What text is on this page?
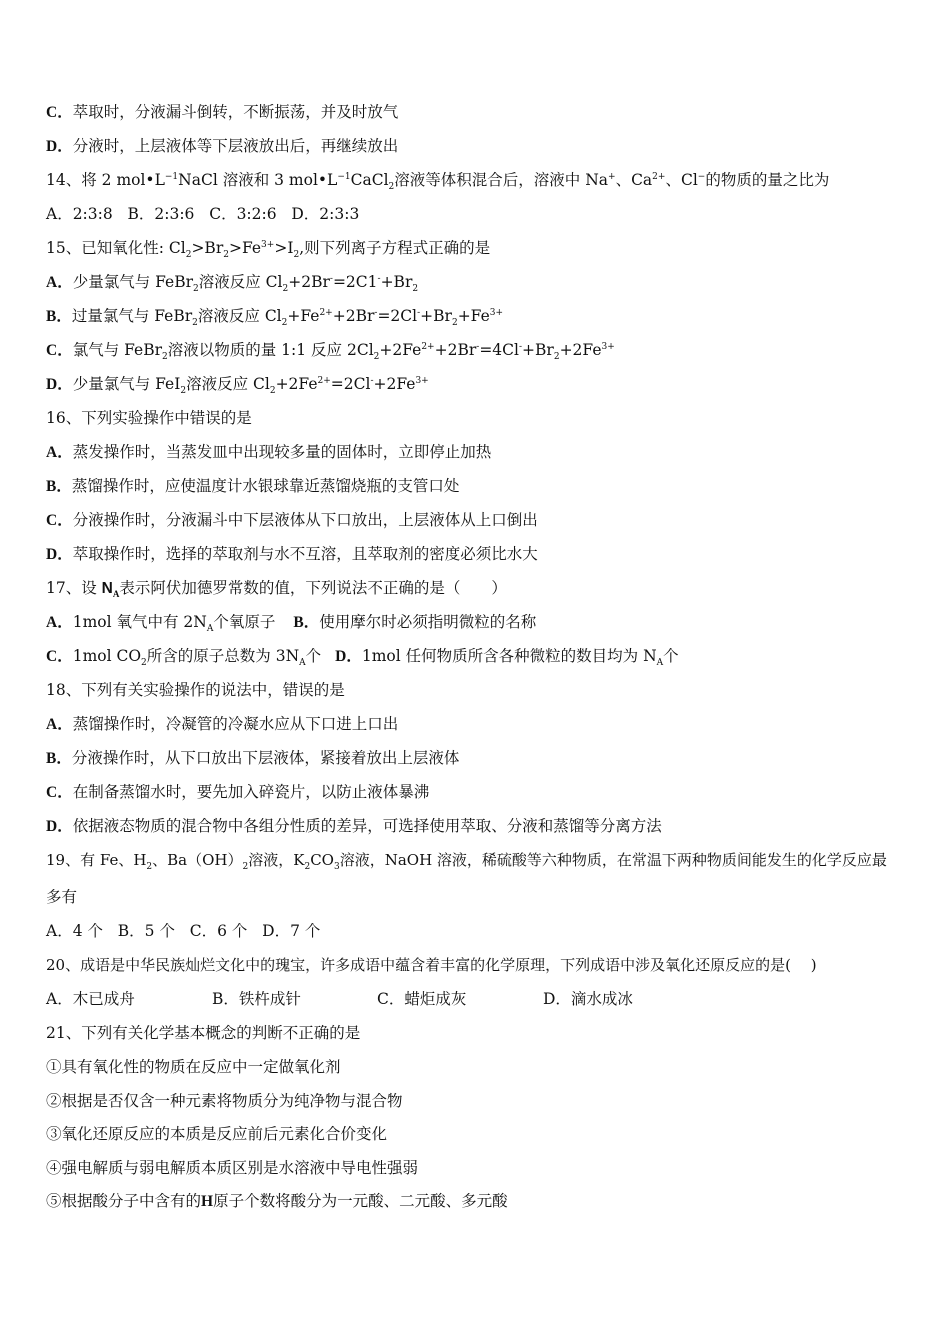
C．萃取时，分液漏斗倒转，不断振荡，并及时放气
D．分液时，上层液体等下层液放出后，再继续放出
14、将 2 $mol•L^{-1}NaCl$ 溶液和 3 $mol•L^{-1}CaCl_2$溶液等体积混合后，溶液中 Na+、$Ca^{2+}$、Cl−的物质的量之比为
A．2:3:8   B．2:3:6   C．3:2:6   D．2:3:3
15、已知氧化性: $Cl_2>Br_2>Fe^{3+}>I_2$,则下列离子方程式正确的是
A．少量氯气与 FeBr$_2$溶液反应 $Cl_2+2Br^-=2C1^-+Br_2$
B．过量氯气与 FeBr$_2$溶液反应 $Cl_2+Fe^{2+}+2Br^-=2Cl^-+Br_2+Fe^{3+}$
C．氯气与 FeBr$_2$溶液以物质的量 1:1 反应 $2Cl_2+2Fe^{2+}+2Br^-=4Cl^-+Br_2+2Fe^{3+}$
D．少量氯气与 FeI$_2$溶液反应 $Cl_2+2Fe^{2+}=2Cl^-+2Fe^{3+}$
16、下列实验操作中错误的是
A．蒸发操作时，当蒸发皿中出现较多量的固体时，立即停止加热
B．蒸馏操作时，应使温度计水银球靠近蒸馏烧瓶的支管口处
C．分液操作时，分液漏斗中下层液体从下口放出，上层液体从上口倒出
D．萃取操作时，选择的萃取剂与水不互溶，且萃取剂的密度必须比水大
17、设 $N_A$表示阿伏加德罗常数的值，下列说法不正确的是（　　）
A．1mol 氧气中有 $2N_A$个氧原子 B．使用摩尔时必须指明微粒的名称
C．1mol $CO_2$所含的原子总数为 $3N_A$个 D．1mol 任何物质所含各种微粒的数目均为 $N_A$个
18、下列有关实验操作的说法中，错误的是
A．蒸馏操作时，冷凝管的冷凝水应从下口进上口出
B．分液操作时，从下口放出下层液体，紧接着放出上层液体
C．在制备蒸馏水时，要先加入碎瓷片，以防止液体暴沸
D．依据液态物质的混合物中各组分性质的差异，可选择使用萃取、分液和蒸馏等分离方法
19、有 Fe、$H_2$、$Ba(OH)_2$溶液，$K_2CO_3$溶液，NaOH 溶液，稀硫酸等六种物质，在常温下两种物质间能发生的化学反应最
多有
A．4 个   B．5 个   C．6 个   D．7 个
20、成语是中华民族灿烂文化中的瑰宝，许多成语中蕴含着丰富的化学原理，下列成语中涉及氧化还原反应的是(　 )
A．木已成舟	B．铁杵成针	C．蜡炬成灰	D．滴水成冰
21、下列有关化学基本概念的判断不正确的是
①具有氧化性的物质在反应中一定做氧化剂
②根据是否仅含一种元素将物质分为纯净物与混合物
③氧化还原反应的本质是反应前后元素化合价变化
④强电解质与弱电解质本质区别是水溶液中导电性强弱
⑤根据酸分子中含有的H原子个数将酸分为一元酸、二元酸、多元酸
